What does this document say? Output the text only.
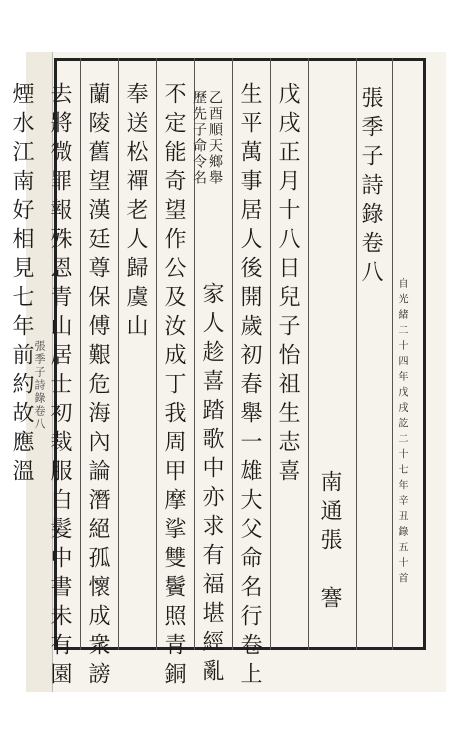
張季子詩錄卷八
張季子詩錄卷八
自光緒二十四年戊戌訖二十七年辛丑錄五十首
南通張　謇
戊戌正月十八日兒子怡祖生志喜
生平萬事居人後開歲初春舉一雄大父命名行卷上
家人趁喜踏歌中亦求有福堪經亂
乙酉順天鄉舉
歷先子命令名
不定能奇望作公及汝成丁我周甲摩挲雙鬢照青銅
奉送松禪老人歸虞山
蘭陵舊望漢廷尊保傅艱危海內論潛絕孤懷成衆謗
去將微罪報殊恩青山居士初裁服白髮中書未有園
煙水江南好相見七年前約故應溫
